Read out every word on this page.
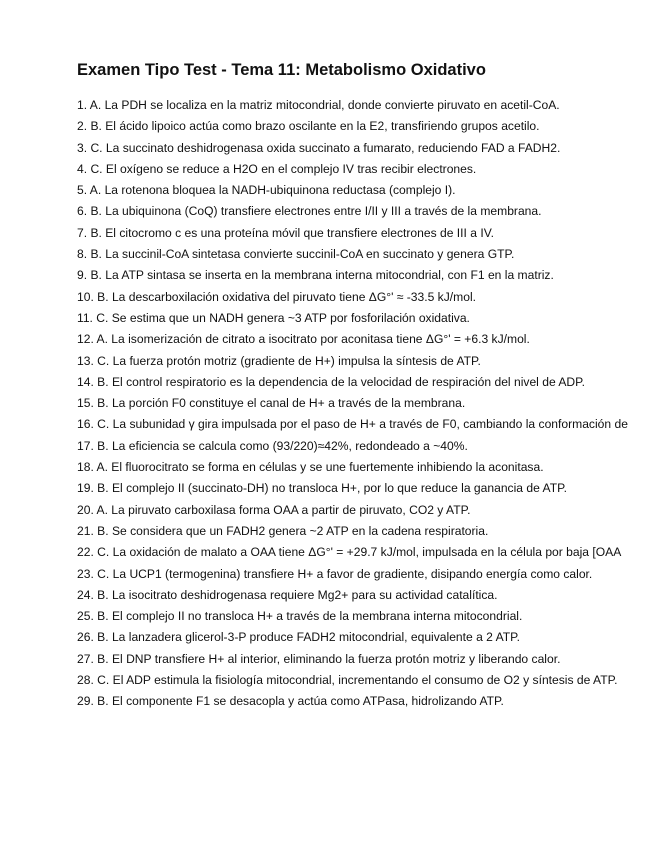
Examen Tipo Test - Tema 11: Metabolismo Oxidativo
1. A. La PDH se localiza en la matriz mitocondrial, donde convierte piruvato en acetil-CoA.
2. B. El ácido lipoico actúa como brazo oscilante en la E2, transfiriendo grupos acetilo.
3. C. La succinato deshidrogenasa oxida succinato a fumarato, reduciendo FAD a FADH2.
4. C. El oxígeno se reduce a H2O en el complejo IV tras recibir electrones.
5. A. La rotenona bloquea la NADH-ubiquinona reductasa (complejo I).
6. B. La ubiquinona (CoQ) transfiere electrones entre I/II y III a través de la membrana.
7. B. El citocromo c es una proteína móvil que transfiere electrones de III a IV.
8. B. La succinil-CoA sintetasa convierte succinil-CoA en succinato y genera GTP.
9. B. La ATP sintasa se inserta en la membrana interna mitocondrial, con F1 en la matriz.
10. B. La descarboxilación oxidativa del piruvato tiene ΔG°' ≈ -33.5 kJ/mol.
11. C. Se estima que un NADH genera ~3 ATP por fosforilación oxidativa.
12. A. La isomerización de citrato a isocitrato por aconitasa tiene ΔG°' = +6.3 kJ/mol.
13. C. La fuerza protón motriz (gradiente de H+) impulsa la síntesis de ATP.
14. B. El control respiratorio es la dependencia de la velocidad de respiración del nivel de ADP.
15. B. La porción F0 constituye el canal de H+ a través de la membrana.
16. C. La subunidad γ gira impulsada por el paso de H+ a través de F0, cambiando la conformación de
17. B. La eficiencia se calcula como (93/220)≈42%, redondeado a ~40%.
18. A. El fluorocitrato se forma en células y se une fuertemente inhibiendo la aconitasa.
19. B. El complejo II (succinato-DH) no transloca H+, por lo que reduce la ganancia de ATP.
20. A. La piruvato carboxilasa forma OAA a partir de piruvato, CO2 y ATP.
21. B. Se considera que un FADH2 genera ~2 ATP en la cadena respiratoria.
22. C. La oxidación de malato a OAA tiene ΔG°' = +29.7 kJ/mol, impulsada en la célula por baja [OAA
23. C. La UCP1 (termogenina) transfiere H+ a favor de gradiente, disipando energía como calor.
24. B. La isocitrato deshidrogenasa requiere Mg2+ para su actividad catalítica.
25. B. El complejo II no transloca H+ a través de la membrana interna mitocondrial.
26. B. La lanzadera glicerol-3-P produce FADH2 mitocondrial, equivalente a 2 ATP.
27. B. El DNP transfiere H+ al interior, eliminando la fuerza protón motriz y liberando calor.
28. C. El ADP estimula la fisiología mitocondrial, incrementando el consumo de O2 y síntesis de ATP.
29. B. El componente F1 se desacopla y actúa como ATPasa, hidrolizando ATP.
